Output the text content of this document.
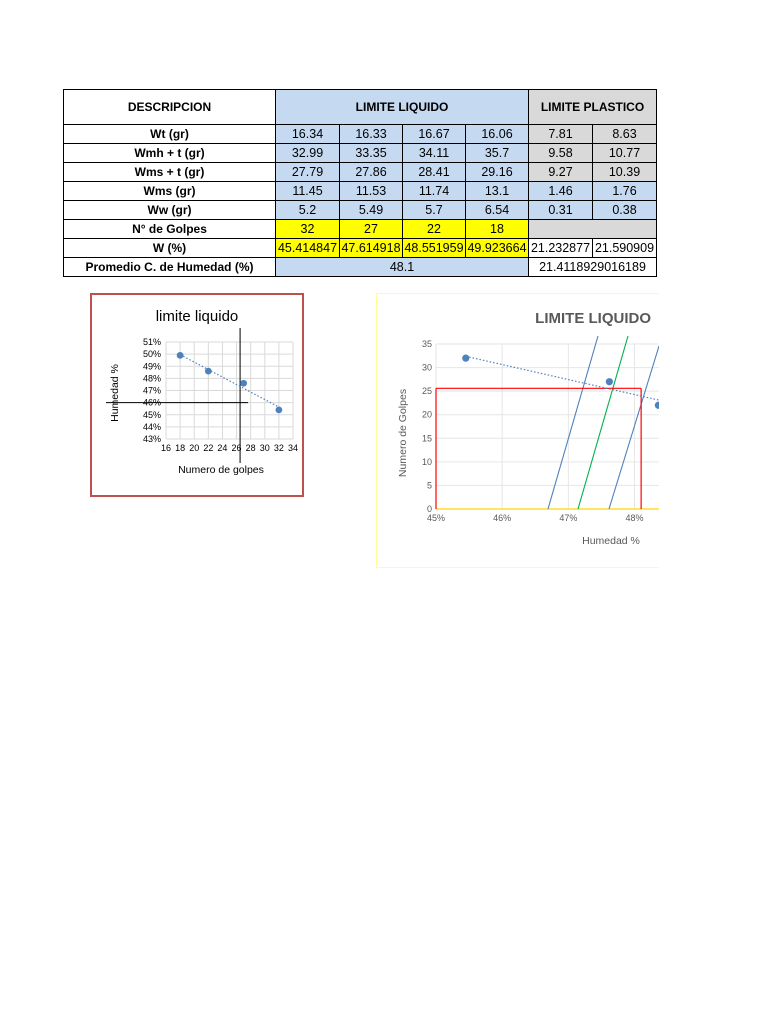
DESCRIPCION	LIMITE LIQUIDO				LIMITE PLASTICO	
Wt (gr)	16.34	16.33	16.67	16.06	7.81	8.63
Wmh + t (gr)	32.99	33.35	34.11	35.7	9.58	10.77
Wms + t (gr)	27.79	27.86	28.41	29.16	9.27	10.39
Wms (gr)	11.45	11.53	11.74	13.1	1.46	1.76
Ww (gr)	5.2	5.49	5.7	6.54	0.31	0.38
N° de Golpes	32	27	22	18		
W (%)	45.414847	47.614918	48.551959	49.923664	21.232877	21.590909
Promedio C. de Humedad (%)	48.1				21.4118929016189	
limite liquido
16 18 20 22 24 26 28 30 32 34
43%
44%
45%
46%
47%
48%
49%
50%
51%
Numero de golpes
Humedad %
LIMITE LIQUIDO
0
5
10
15
20
25
30
35
45%	46%	47%	48%
Humedad %
Numero de Golpes
